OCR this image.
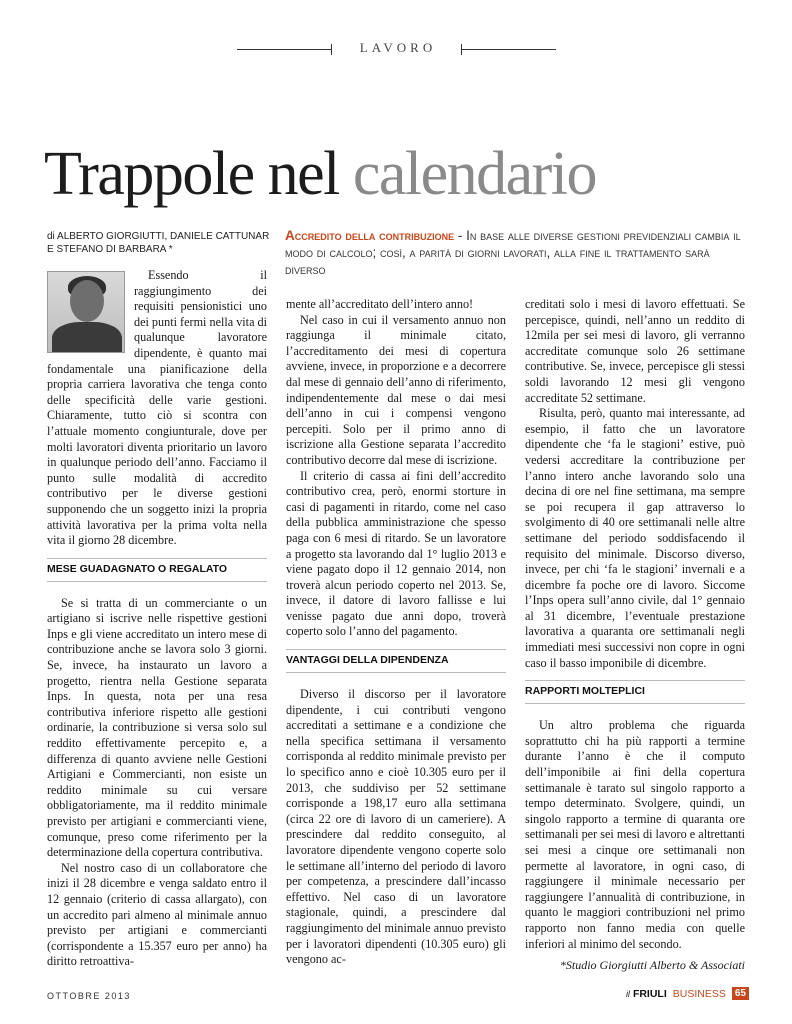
LAVORO
Trappole nel calendario
di ALBERTO GIORGIUTTI, DANIELE CATTUNAR
E STEFANO DI BARBARA *
Accredito della contribuzione - In base alle diverse gestioni previdenziali cambia il modo di calcolo; così, a parità di giorni lavorati, alla fine il trattamento sarà diverso

Essendo il raggiungimento dei requisiti pensionistici uno dei punti fermi nella vita di qualunque lavoratore dipendente, è quanto mai fondamentale una pianificazione della propria carriera lavorativa che tenga conto delle specificità delle varie gestioni. Chiaramente, tutto ciò si scontra con l’attuale momento congiunturale, dove per molti lavoratori diventa prioritario un lavoro in qualunque periodo dell’anno. Facciamo il punto sulle modalità di accredito contributivo per le diverse gestioni supponendo che un soggetto inizi la propria attività lavorativa per la prima volta nella vita il giorno 28 dicembre.

MESE GUADAGNATO O REGALATO

Se si tratta di un commerciante o un artigiano si iscrive nelle rispettive gestioni Inps e gli viene accreditato un intero mese di contribuzione anche se lavora solo 3 giorni. Se, invece, ha instaurato un lavoro a progetto, rientra nella Gestione separata Inps. In questa, nota per una resa contributiva inferiore rispetto alle gestioni ordinarie, la contribuzione si versa solo sul reddito effettivamente percepito e, a differenza di quanto avviene nelle Gestioni Artigiani e Commercianti, non esiste un reddito minimale su cui versare obbligatoriamente, ma il reddito minimale previsto per artigiani e commercianti viene, comunque, preso come riferimento per la determinazione della copertura contributiva.

Nel nostro caso di un collaboratore che inizi il 28 dicembre e venga saldato entro il 12 gennaio (criterio di cassa allargato), con un accredito pari almeno al minimale annuo previsto per artigiani e commercianti (corrispondente a 15.357 euro per anno) ha diritto retroattiva-

mente all’accreditato dell’intero anno!

Nel caso in cui il versamento annuo non raggiunga il minimale citato, l’accreditamento dei mesi di copertura avviene, invece, in proporzione e a decorrere dal mese di gennaio dell’anno di riferimento, indipendentemente dal mese o dai mesi dell’anno in cui i compensi vengono percepiti. Solo per il primo anno di iscrizione alla Gestione separata l’accredito contributivo decorre dal mese di iscrizione.

Il criterio di cassa ai fini dell’accredito contributivo crea, però, enormi storture in casi di pagamenti in ritardo, come nel caso della pubblica amministrazione che spesso paga con 6 mesi di ritardo. Se un lavoratore a progetto sta lavorando dal 1° luglio 2013 e viene pagato dopo il 12 gennaio 2014, non troverà alcun periodo coperto nel 2013. Se, invece, il datore di lavoro fallisse e lui venisse pagato due anni dopo, troverà coperto solo l’anno del pagamento.

VANTAGGI DELLA DIPENDENZA

Diverso il discorso per il lavoratore dipendente, i cui contributi vengono accreditati a settimane e a condizione che nella specifica settimana il versamento corrisponda al reddito minimale previsto per lo specifico anno e cioè 10.305 euro per il 2013, che suddiviso per 52 settimane corrisponde a 198,17 euro alla settimana (circa 22 ore di lavoro di un cameriere). A prescindere dal reddito conseguito, al lavoratore dipendente vengono coperte solo le settimane all’interno del periodo di lavoro per competenza, a prescindere dall’incasso effettivo. Nel caso di un lavoratore stagionale, quindi, a prescindere dal raggiungimento del minimale annuo previsto per i lavoratori dipendenti (10.305 euro) gli vengono ac-

creditati solo i mesi di lavoro effettuati. Se percepisce, quindi, nell’anno un reddito di 12mila per sei mesi di lavoro, gli verranno accreditate comunque solo 26 settimane contributive. Se, invece, percepisce gli stessi soldi lavorando 12 mesi gli vengono accreditate 52 settimane.

Risulta, però, quanto mai interessante, ad esempio, il fatto che un lavoratore dipendente che ‘fa le stagioni’ estive, può vedersi accreditare la contribuzione per l’anno intero anche lavorando solo una decina di ore nel fine settimana, ma sempre se poi recupera il gap attraverso lo svolgimento di 40 ore settimanali nelle altre settimane del periodo soddisfacendo il requisito del minimale. Discorso diverso, invece, per chi ‘fa le stagioni’ invernali e a dicembre fa poche ore di lavoro. Siccome l’Inps opera sull’anno civile, dal 1° gennaio al 31 dicembre, l’eventuale prestazione lavorativa a quaranta ore settimanali negli immediati mesi successivi non copre in ogni caso il basso imponibile di dicembre.

RAPPORTI MOLTEPLICI

Un altro problema che riguarda soprattutto chi ha più rapporti a termine durante l’anno è che il computo dell’imponibile ai fini della copertura settimanale è tarato sul singolo rapporto a tempo determinato. Svolgere, quindi, un singolo rapporto a termine di quaranta ore settimanali per sei mesi di lavoro e altrettanti sei mesi a cinque ore settimanali non permette al lavoratore, in ogni caso, di raggiungere il minimale necessario per raggiungere l’annualità di contribuzione, in quanto le maggiori contribuzioni nel primo rapporto non fanno media con quelle inferiori al minimo del secondo.

*Studio Giorgiutti Alberto & Associati
OTTOBRE 2013	il FRIULI BUSINESS 65
